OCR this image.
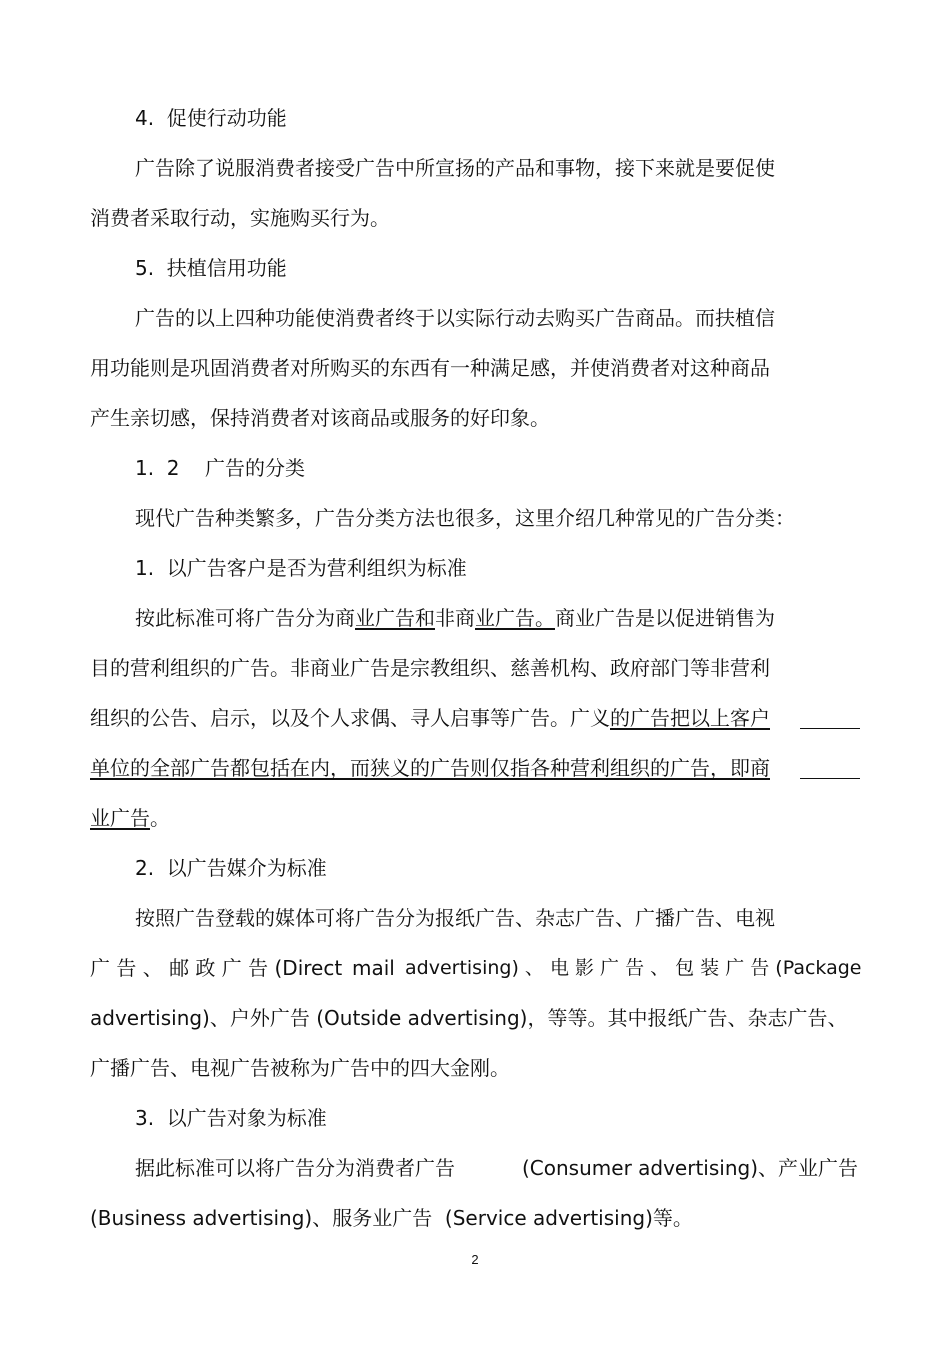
4.  促使行动功能
广告除了说服消费者接受广告中所宣扬的产品和事物，接下来就是要促使
消费者采取行动，实施购买行为。
5.  扶植信用功能
广告的以上四种功能使消费者终于以实际行动去购买广告商品。而扶植信
用功能则是巩固消费者对所购买的东西有一种满足感，并使消费者对这种商品
产生亲切感，保持消费者对该商品或服务的好印象。
1.  2    广告的分类
现代广告种类繁多，广告分类方法也很多，这里介绍几种常见的广告分类：
1.  以广告客户是否为营利组织为标准
按此标准可将广告分为商业广告和非商业广告。商业广告是以促进销售为
目的营利组织的广告。非商业广告是宗教组织、慈善机构、政府部门等非营利
组织的公告、启示，以及个人求偶、寻人启事等广告。广义的广告把以上客户
单位的全部广告都包括在内，而狭义的广告则仅指各种营利组织的广告，即商
业广告。
2.  以广告媒介为标准
按照广告登载的媒体可将广告分为报纸广告、杂志广告、广播广告、电视
广 告 、 邮 政 广 告 (Direct mail advertising) 、 电 影 广 告 、 包 装 广 告 (Package
advertising)、户外广告 (Outside advertising)，等等。其中报纸广告、杂志广告、
广播广告、电视广告被称为广告中的四大金刚。
3.  以广告对象为标准
据此标准可以将广告分为消费者广告	(Consumer advertising)、产业广告
(Business advertising)、服务业广告  (Service advertising)等。
2
